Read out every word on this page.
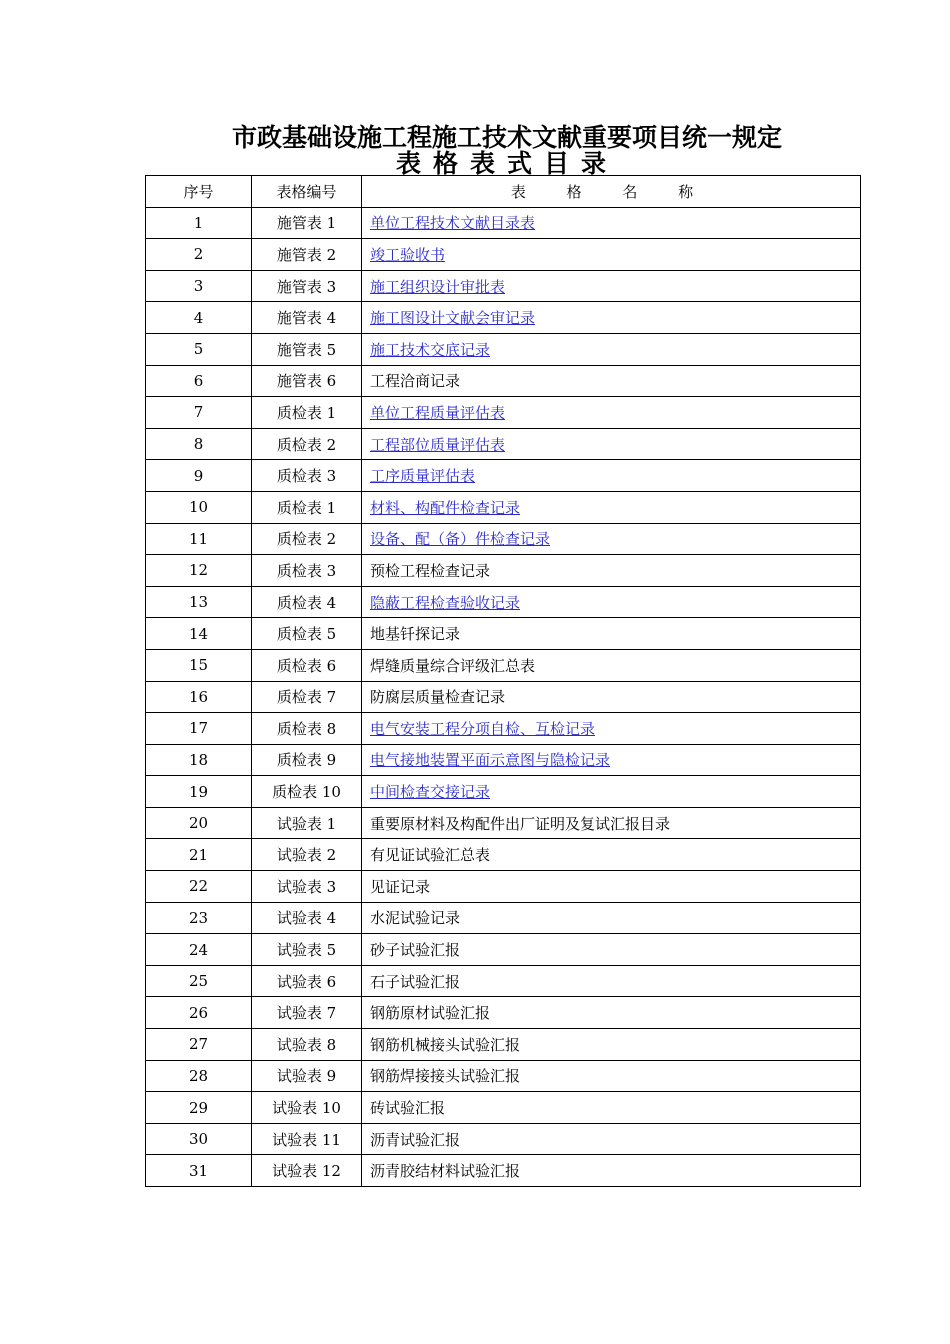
市政基础设施工程施工技术文献重要项目统一规定
表格表式目录
序号	表格编号	表 格 名 称
1	施管表 1	单位工程技术文献目录表
2	施管表 2	竣工验收书
3	施管表 3	施工组织设计审批表
4	施管表 4	施工图设计文献会审记录
5	施管表 5	施工技术交底记录
6	施管表 6	工程洽商记录
7	质检表 1	单位工程质量评估表
8	质检表 2	工程部位质量评估表
9	质检表 3	工序质量评估表
10	质检表 1	材料、构配件检查记录
11	质检表 2	设备、配（备）件检查记录
12	质检表 3	预检工程检查记录
13	质检表 4	隐蔽工程检查验收记录
14	质检表 5	地基钎探记录
15	质检表 6	焊缝质量综合评级汇总表
16	质检表 7	防腐层质量检查记录
17	质检表 8	电气安装工程分项自检、互检记录
18	质检表 9	电气接地装置平面示意图与隐检记录
19	质检表 10	中间检查交接记录
20	试验表 1	重要原材料及构配件出厂证明及复试汇报目录
21	试验表 2	有见证试验汇总表
22	试验表 3	见证记录
23	试验表 4	水泥试验记录
24	试验表 5	砂子试验汇报
25	试验表 6	石子试验汇报
26	试验表 7	钢筋原材试验汇报
27	试验表 8	钢筋机械接头试验汇报
28	试验表 9	钢筋焊接接头试验汇报
29	试验表 10	砖试验汇报
30	试验表 11	沥青试验汇报
31	试验表 12	沥青胶结材料试验汇报
